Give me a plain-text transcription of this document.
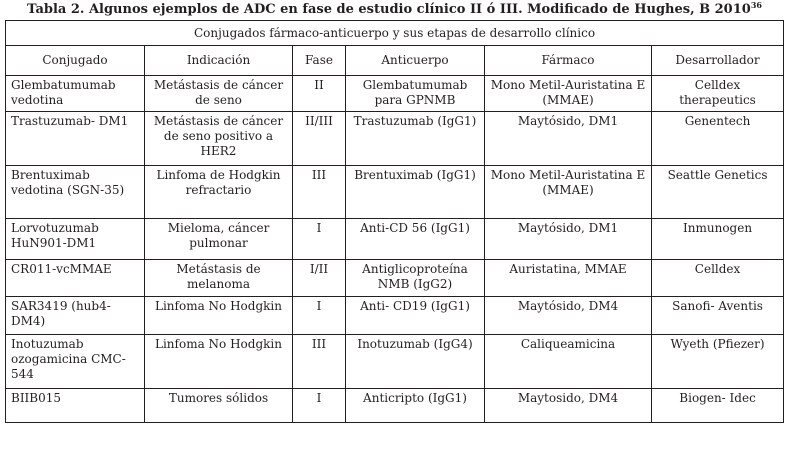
Tabla 2. Algunos ejemplos de ADC en fase de estudio clínico II ó III. Modificado de Hughes, B 2010$^{36}$
Conjugados fármaco-anticuerpo y sus etapas de desarrollo clínico					
Conjugado	Indicación	Fase	Anticuerpo	Fármaco	Desarrollador
Glembatumumab vedotina	Metástasis de cáncer de seno	II	Glembatumumab para GPNMB	Mono Metil-Auristatina E (MMAE)	Celldex therapeutics
Trastuzumab- DM1	Metástasis de cáncer de seno positivo a HER2	II/III	Trastuzumab (IgG1)	Maytósido, DM1	Genentech
Brentuximab vedotina (SGN-35)	Linfoma de Hodgkin refractario	III	Brentuximab (IgG1)	Mono Metil-Auristatina E (MMAE)	Seattle Genetics
Lorvotuzumab HuN901-DM1	Mieloma, cáncer pulmonar	I	Anti-CD 56 (IgG1)	Maytósido, DM1	Inmunogen
CR011-vcMMAE	Metástasis de melanoma	I/II	Antiglicoproteína NMB (IgG2)	Auristatina, MMAE	Celldex
SAR3419 (hub4-DM4)	Linfoma No Hodgkin	I	Anti- CD19 (IgG1)	Maytósido, DM4	Sanofi- Aventis
Inotuzumab ozogamicina CMC-544	Linfoma No Hodgkin	III	Inotuzumab (IgG4)	Caliqueamicina	Wyeth (Pfiezer)
BIIB015	Tumores sólidos	I	Anticripto (IgG1)	Maytosido, DM4	Biogen- Idec
